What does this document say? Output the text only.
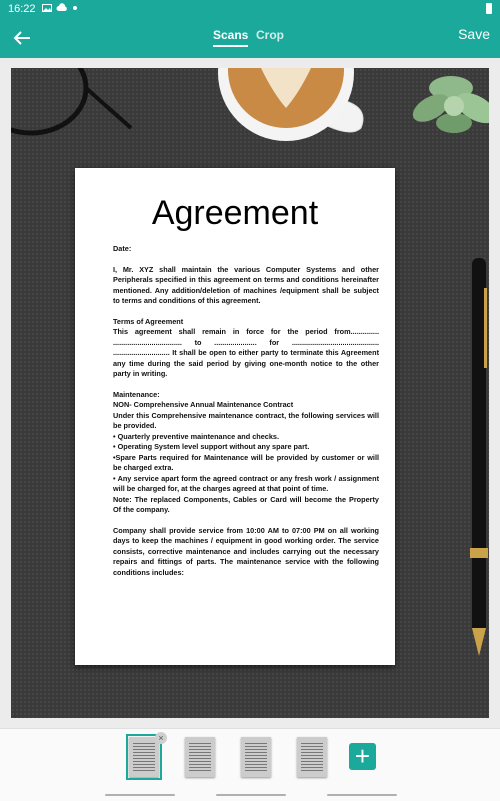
16:22
Scans Crop	Save
Agreement

Date:

I, Mr. XYZ shall maintain the various Computer Systems and other Peripherals specified in this agreement on terms and conditions hereinafter mentioned. Any addition/deletion of machines /equipment shall be subject to terms and conditions of this agreement.

Terms of Agreement
This agreement shall remain in force for the period from.............. .................................. to ..................... for ........................................... ............................ It shall be open to either party to terminate this Agreement any time during the said period by giving one-month notice to the other party in writing.

Maintenance:
NON- Comprehensive Annual Maintenance Contract
Under this Comprehensive maintenance contract, the following services will be provided.
• Quarterly preventive maintenance and checks.
• Operating System level support without any spare part.
•Spare Parts required for Maintenance will be provided by customer or will be charged extra.
• Any service apart form the agreed contract or any fresh work / assignment will be charged for, at the charges agreed at that point of time.
Note: The replaced Components, Cables or Card will become the Property Of the company.

Company shall provide service from 10:00 AM to 07:00 PM on all working days to keep the machines / equipment in good working order. The service consists, corrective maintenance and includes carrying out the necessary repairs and fittings of parts. The maintenance service with the following conditions includes:

×
+
